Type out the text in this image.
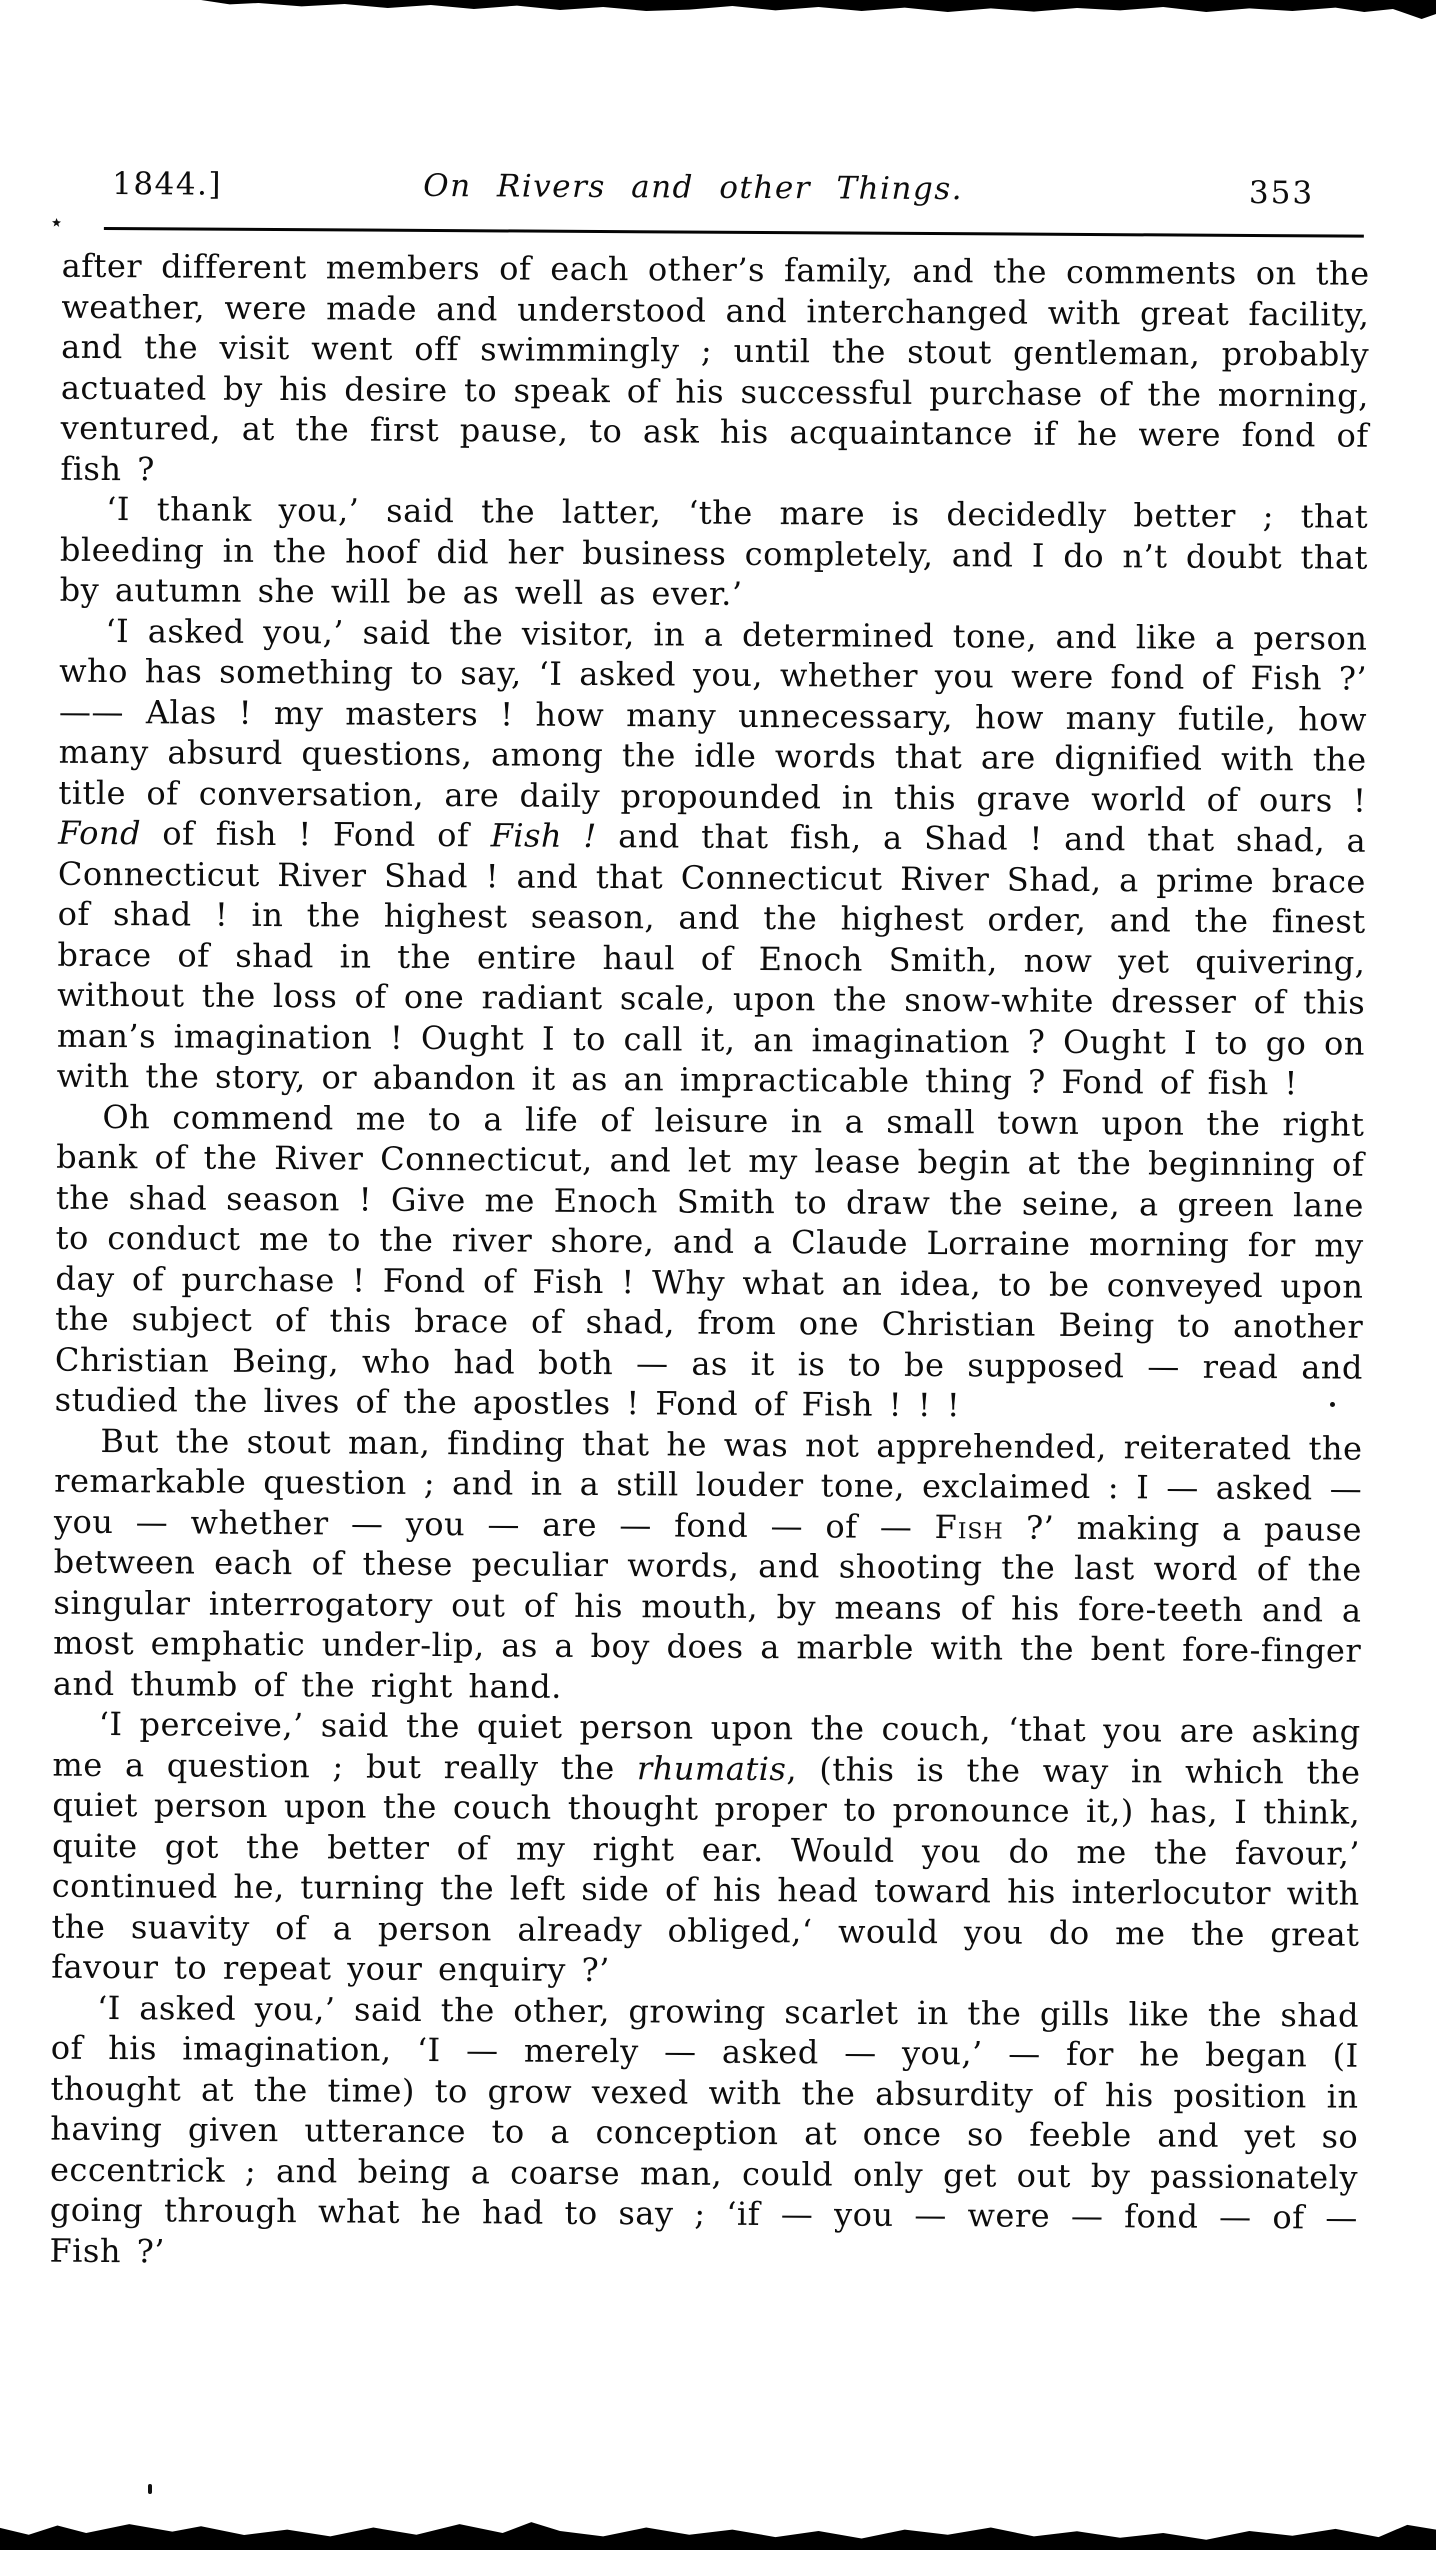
1844.]	On Rivers and other Things.	353

after different members of each other’s family, and the comments on the weather, were made and understood and interchanged with great facility, and the visit went off swimmingly ; until the stout gentleman, probably actuated by his desire to speak of his successful purchase of the morning, ventured, at the first pause, to ask his acquaintance if he were fond of fish ?

‘I thank you,’ said the latter, ‘the mare is decidedly better ; that bleeding in the hoof did her business completely, and I do n’t doubt that by autumn she will be as well as ever.’

‘I asked you,’ said the visitor, in a determined tone, and like a person who has something to say, ‘I asked you, whether you were fond of Fish ?’ —— Alas ! my masters ! how many unnecessary, how many futile, how many absurd questions, among the idle words that are dignified with the title of conversation, are daily propounded in this grave world of ours ! Fond of fish ! Fond of Fish ! and that fish, a Shad ! and that shad, a Connecticut River Shad ! and that Connecticut River Shad, a prime brace of shad ! in the highest season, and the highest order, and the finest brace of shad in the entire haul of Enoch Smith, now yet quivering, without the loss of one radiant scale, upon the snow-white dresser of this man’s imagination ! Ought I to call it, an imagination ? Ought I to go on with the story, or abandon it as an impracticable thing ? Fond of fish !

Oh commend me to a life of leisure in a small town upon the right bank of the River Connecticut, and let my lease begin at the beginning of the shad season ! Give me Enoch Smith to draw the seine, a green lane to conduct me to the river shore, and a Claude Lorraine morning for my day of purchase ! Fond of Fish ! Why what an idea, to be conveyed upon the subject of this brace of shad, from one Christian Being to another Christian Being, who had both — as it is to be supposed — read and studied the lives of the apostles ! Fond of Fish ! ! !

But the stout man, finding that he was not apprehended, reiterated the remarkable question ; and in a still louder tone, exclaimed : I — asked — you — whether — you — are — fond — of — Fish ?’ making a pause between each of these peculiar words, and shooting the last word of the singular interrogatory out of his mouth, by means of his fore-teeth and a most emphatic under-lip, as a boy does a marble with the bent fore-finger and thumb of the right hand.

‘I perceive,’ said the quiet person upon the couch, ‘that you are asking me a question ; but really the rhumatis, (this is the way in which the quiet person upon the couch thought proper to pronounce it,) has, I think, quite got the better of my right ear. Would you do me the favour,’ continued he, turning the left side of his head toward his interlocutor with the suavity of a person already obliged,‘ would you do me the great favour to repeat your enquiry ?’

‘I asked you,’ said the other, growing scarlet in the gills like the shad of his imagination, ‘I — merely — asked — you,’ — for he began (I thought at the time) to grow vexed with the absurdity of his position in having given utterance to a conception at once so feeble and yet so eccentrick ; and being a coarse man, could only get out by passionately going through what he had to say ; ‘if — you — were — fond — of — Fish ?’
